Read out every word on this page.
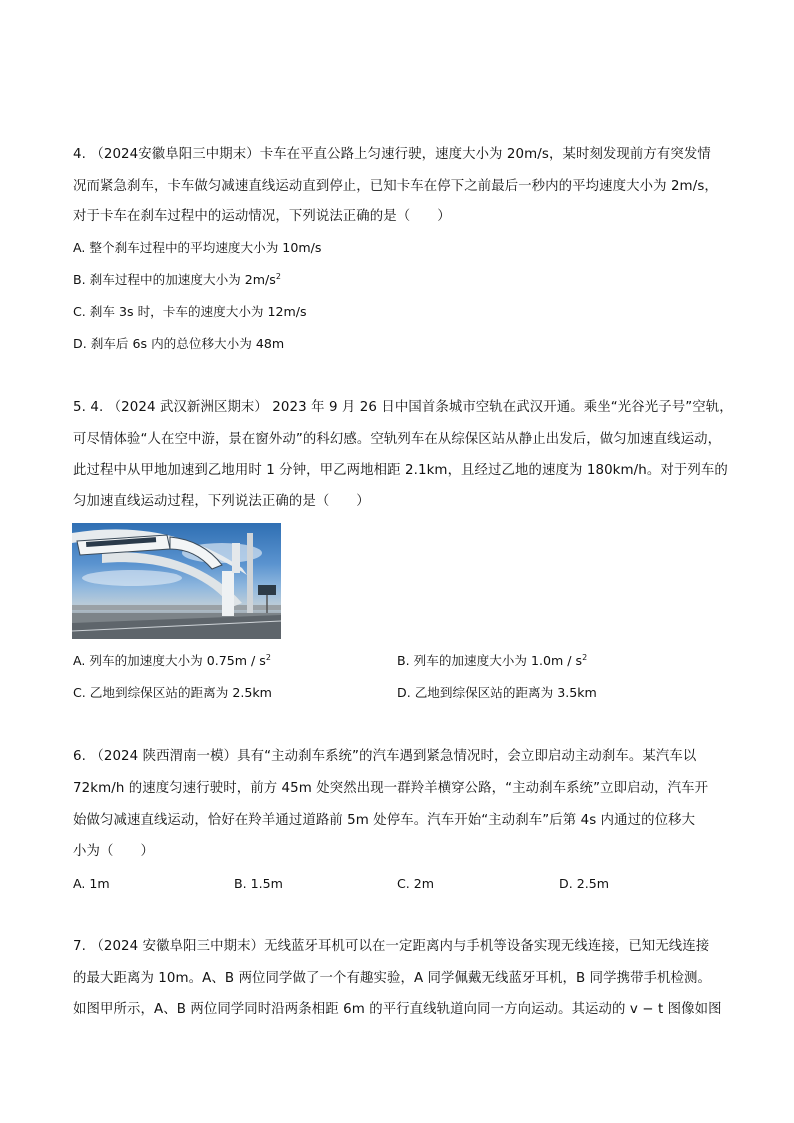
4. （2024安徽阜阳三中期末）卡车在平直公路上匀速行驶，速度大小为 20m/s，某时刻发现前方有突发情
况而紧急刹车，卡车做匀减速直线运动直到停止，已知卡车在停下之前最后一秒内的平均速度大小为 2m/s，
对于卡车在刹车过程中的运动情况，下列说法正确的是（　　）
A. 整个刹车过程中的平均速度大小为 10m/s
B. 刹车过程中的加速度大小为 $2m/s^2$
C. 刹车 3s 时，卡车的速度大小为 12m/s
D. 刹车后 6s 内的总位移大小为 48m
5. 4. （2024 武汉新洲区期末） 2023 年 9 月 26 日中国首条城市空轨在武汉开通。乘坐“光谷光子号”空轨，
可尽情体验“人在空中游，景在窗外动”的科幻感。空轨列车在从综保区站从静止出发后，做匀加速直线运动，
此过程中从甲地加速到乙地用时 1 分钟，甲乙两地相距 2.1km，且经过乙地的速度为 180km/h。对于列车的
匀加速直线运动过程，下列说法正确的是（　　）
A. 列车的加速度大小为 $0.75m / s^2$	B. 列车的加速度大小为 $1.0m / s^2$
C. 乙地到综保区站的距离为 2.5km	D. 乙地到综保区站的距离为 3.5km
6. （2024 陕西渭南一模）具有“主动刹车系统”的汽车遇到紧急情况时，会立即启动主动刹车。某汽车以
72km/h 的速度匀速行驶时，前方 45m 处突然出现一群羚羊横穿公路，“主动刹车系统”立即启动，汽车开
始做匀减速直线运动，恰好在羚羊通过道路前 5m 处停车。汽车开始“主动刹车”后第 4s 内通过的位移大
小为（　　）
A. 1m	B. 1.5m	C. 2m	D. 2.5m
7. （2024 安徽阜阳三中期末）无线蓝牙耳机可以在一定距离内与手机等设备实现无线连接，已知无线连接
的最大距离为 10m。A、B 两位同学做了一个有趣实验，A 同学佩戴无线蓝牙耳机，B 同学携带手机检测。
如图甲所示，A、B 两位同学同时沿两条相距 6m 的平行直线轨道向同一方向运动。其运动的 v − t 图像如图
